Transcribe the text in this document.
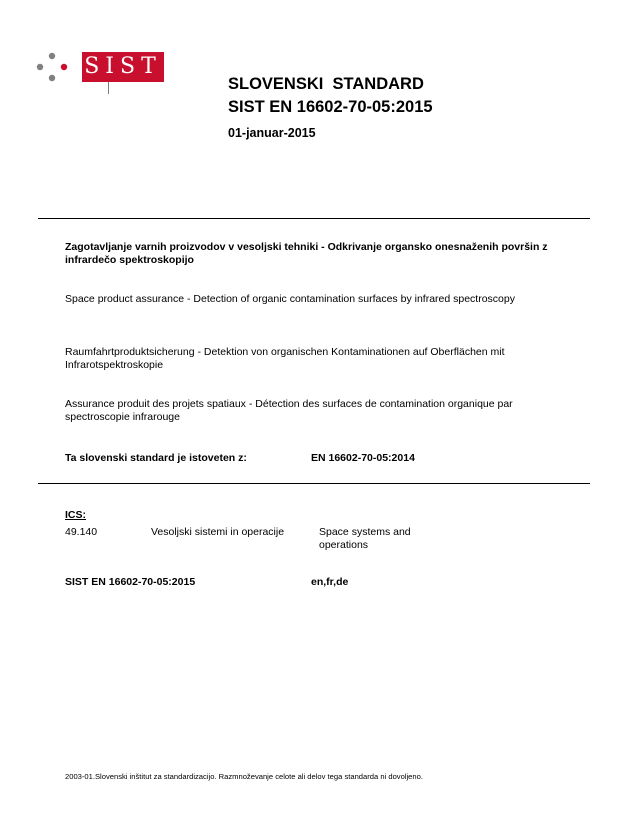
SIST
SLOVENSKI  STANDARD
SIST EN 16602-70-05:2015
01-januar-2015
Zagotavljanje varnih proizvodov v vesoljski tehniki - Odkrivanje organsko onesnaženih površin z infrardečo spektroskopijo
Space product assurance - Detection of organic contamination surfaces by infrared spectroscopy
Raumfahrtproduktsicherung - Detektion von organischen Kontaminationen auf Oberflächen mit Infrarotspektroskopie
Assurance produit des projets spatiaux - Détection des surfaces de contamination organique par spectroscopie infrarouge
Ta slovenski standard je istoveten z:	EN 16602-70-05:2014
ICS:
49.140	Vesoljski sistemi in operacije	Space systems and operations
SIST EN 16602-70-05:2015	en,fr,de
2003-01.Slovenski inštitut za standardizacijo. Razmnoževanje celote ali delov tega standarda ni dovoljeno.
